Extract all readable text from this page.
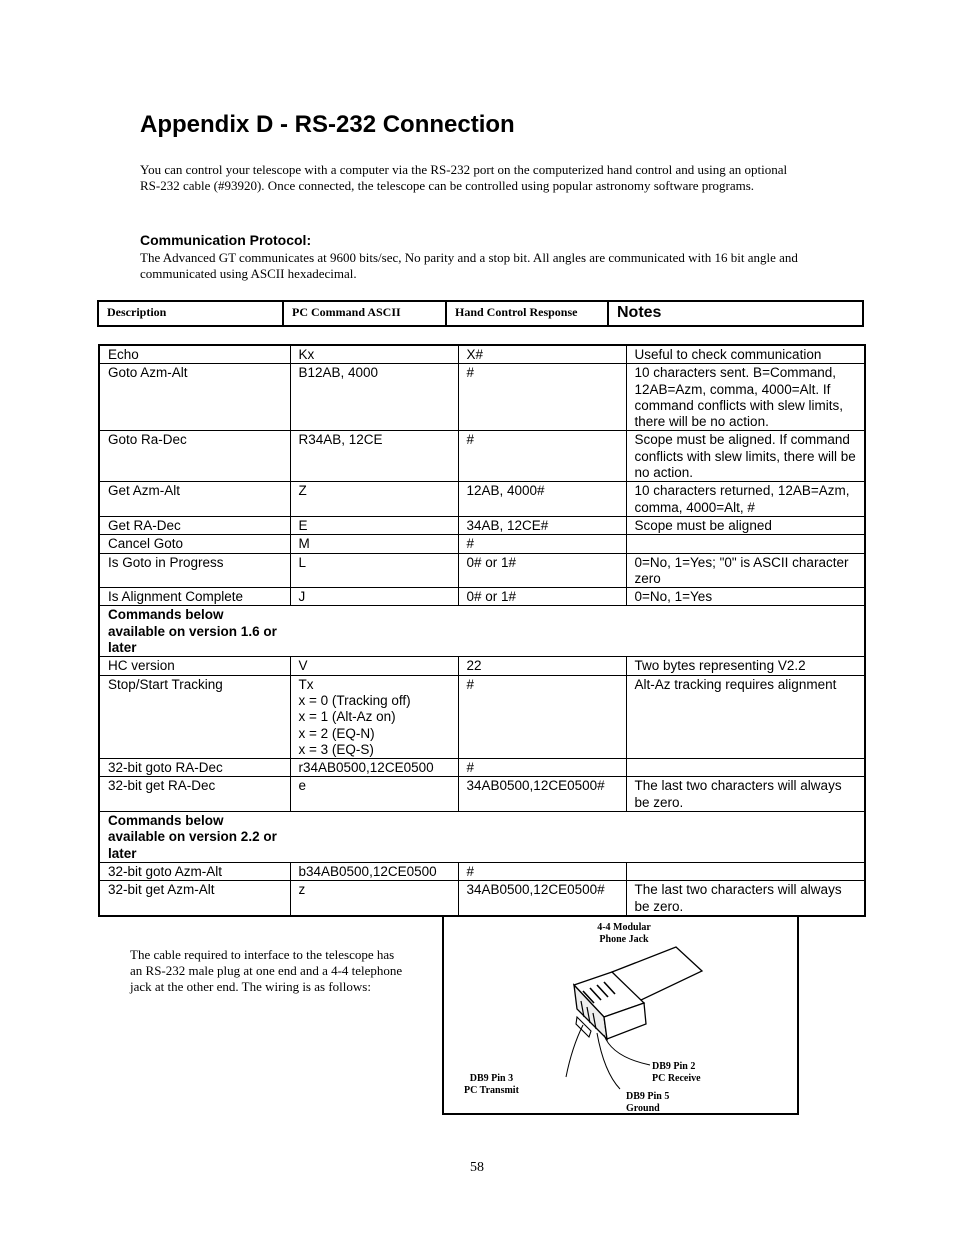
Appendix D - RS-232 Connection

You can control your telescope with a computer via the RS-232 port on the computerized hand control and using an optional RS-232 cable (#93920). Once connected, the telescope can be controlled using popular astronomy software programs.

Communication Protocol:

The Advanced GT communicates at 9600 bits/sec, No parity and a stop bit. All angles are communicated with 16 bit angle and communicated using ASCII hexadecimal.

Description	PC Command ASCII	Hand Control Response	Notes
Echo	Kx	X#	Useful to check communication
Goto Azm-Alt	B12AB, 4000	#	10 characters sent. B=Command, 12AB=Azm, comma, 4000=Alt. If command conflicts with slew limits, there will be no action.
Goto Ra-Dec	R34AB, 12CE	#	Scope must be aligned. If command conflicts with slew limits, there will be no action.
Get Azm-Alt	Z	12AB, 4000#	10 characters returned, 12AB=Azm, comma, 4000=Alt, #
Get RA-Dec	E	34AB, 12CE#	Scope must be aligned
Cancel Goto	M	#	
Is Goto in Progress	L	0# or 1#	0=No, 1=Yes; "0" is ASCII character zero
Is Alignment Complete	J	0# or 1#	0=No, 1=Yes

Commands below available on version 1.6 or later			

HC version	V	22	Two bytes representing V2.2
Stop/Start Tracking	Tx
x = 0 (Tracking off)
x = 1 (Alt-Az on)
x = 2 (EQ-N)
x = 3 (EQ-S)	#	Alt-Az tracking requires alignment
32-bit goto RA-Dec	r34AB0500,12CE0500	#	
32-bit get RA-Dec	e	34AB0500,12CE0500#	The last two characters will always be zero.

Commands below available on version 2.2 or later			

32-bit goto Azm-Alt	b34AB0500,12CE0500	#	
32-bit get Azm-Alt	z	34AB0500,12CE0500#	The last two characters will always be zero.

The cable required to interface to the telescope has an RS-232 male plug at one end and a 4-4 telephone jack at the other end. The wiring is as follows:

4-4 Modular
Phone Jack
DB9 Pin 2
PC Receive
DB9 Pin 3
PC Transmit
DB9 Pin 5
Ground
58
